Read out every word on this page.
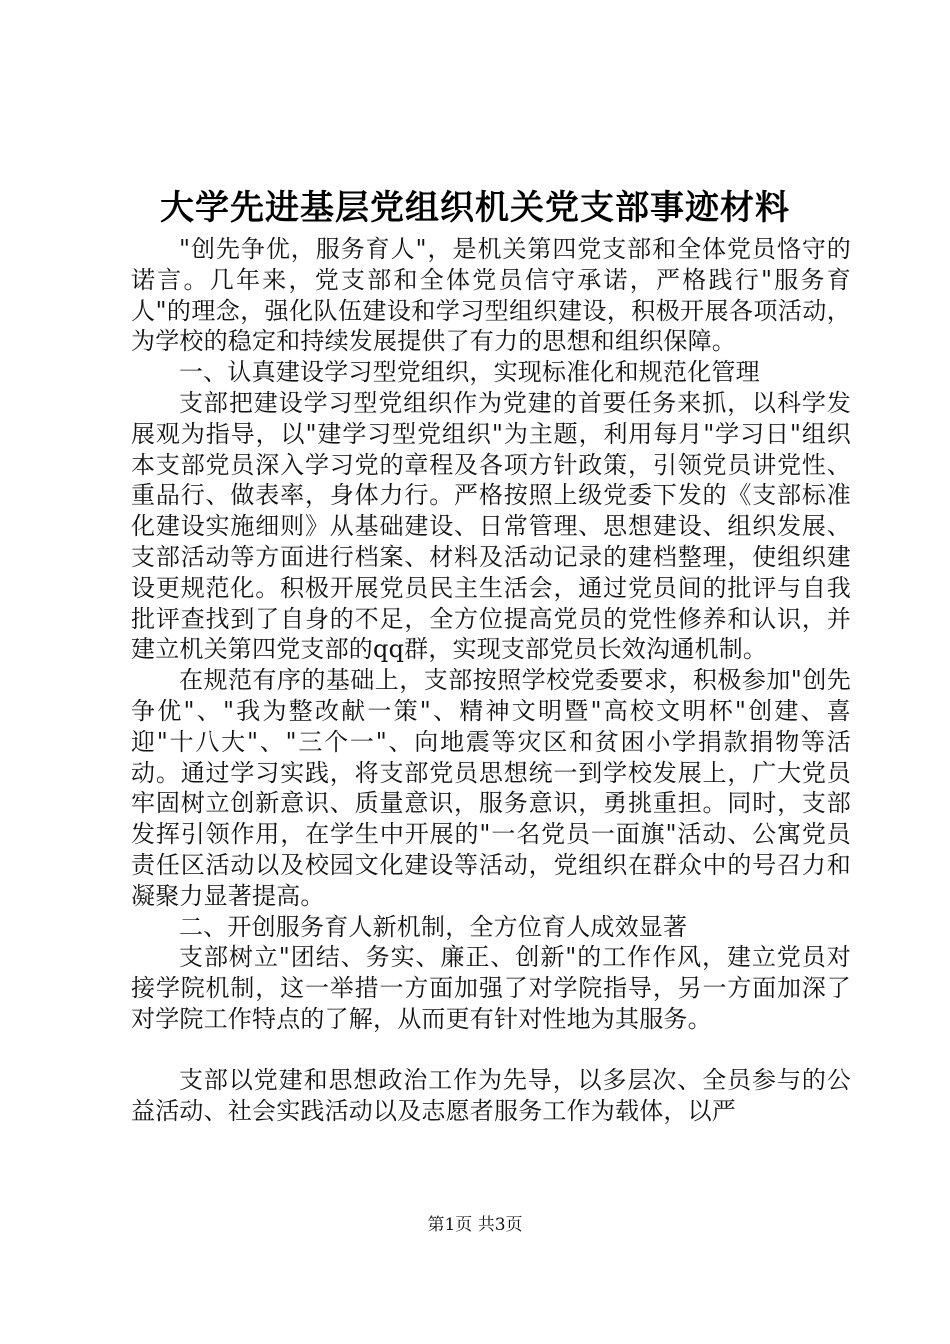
大学先进基层党组织机关党支部事迹材料

"创先争优，服务育人"，是机关第四党支部和全体党员恪守的诺言。几年来，党支部和全体党员信守承诺，严格践行"服务育人"的理念，强化队伍建设和学习型组织建设，积极开展各项活动，为学校的稳定和持续发展提供了有力的思想和组织保障。

一、认真建设学习型党组织，实现标准化和规范化管理

支部把建设学习型党组织作为党建的首要任务来抓，以科学发展观为指导，以"建学习型党组织"为主题，利用每月"学习日"组织本支部党员深入学习党的章程及各项方针政策，引领党员讲党性、重品行、做表率，身体力行。严格按照上级党委下发的《支部标准化建设实施细则》从基础建设、日常管理、思想建设、组织发展、支部活动等方面进行档案、材料及活动记录的建档整理，使组织建设更规范化。积极开展党员民主生活会，通过党员间的批评与自我批评查找到了自身的不足，全方位提高党员的党性修养和认识，并建立机关第四党支部的qq群，实现支部党员长效沟通机制。

在规范有序的基础上，支部按照学校党委要求，积极参加"创先争优"、"我为整改献一策"、精神文明暨"高校文明杯"创建、喜迎"十八大"、"三个一"、向地震等灾区和贫困小学捐款捐物等活动。通过学习实践，将支部党员思想统一到学校发展上，广大党员牢固树立创新意识、质量意识，服务意识，勇挑重担。同时，支部发挥引领作用，在学生中开展的"一名党员一面旗"活动、公寓党员责任区活动以及校园文化建设等活动，党组织在群众中的号召力和凝聚力显著提高。

二、开创服务育人新机制，全方位育人成效显著

支部树立"团结、务实、廉正、创新"的工作作风，建立党员对接学院机制，这一举措一方面加强了对学院指导，另一方面加深了对学院工作特点的了解，从而更有针对性地为其服务。

支部以党建和思想政治工作为先导，以多层次、全员参与的公益活动、社会实践活动以及志愿者服务工作为载体，以严

第1页 共3页
